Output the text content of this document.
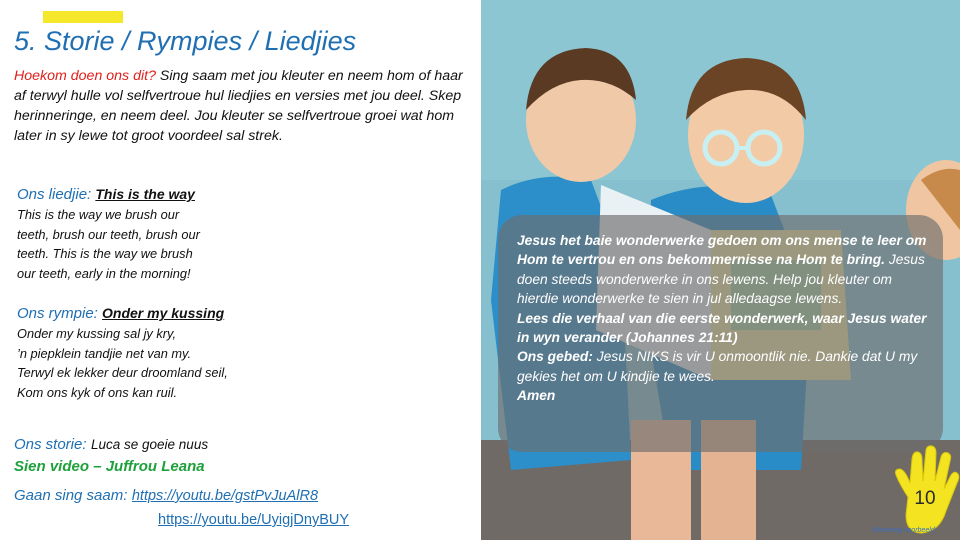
5. Storie / Rympies / Liedjies
Hoekom doen ons dit? Sing saam met jou kleuter en neem hom of haar af terwyl hulle vol selfvertroue hul liedjies en versies met jou deel. Skep herinneringe, en neem deel. Jou kleuter se selfvertroue groei wat hom later in sy lewe tot groot voordeel sal strek.
Ons liedjie: This is the way
This is the way we brush our
teeth, brush our teeth, brush our
teeth. This is the way we brush
our teeth, early in the morning!
Ons rympie: Onder my kussing
Onder my kussing sal jy kry,
’n piepklein tandjie net van my.
Terwyl ek lekker deur droomland seil,
Kom ons kyk of ons kan ruil.
Ons storie: Luca se goeie nuus
Sien video – Juffrou Leana
Gaan sing saam: https://youtu.be/gstPvJuAlR8
https://youtu.be/UyigjDnyBUY
Jesus het baie wonderwerke gedoen om ons mense te leer om Hom te vertrou en ons bekommernisse na Hom te bring. Jesus doen steeds wonderwerke in ons lewens. Help jou kleuter om hierdie wonderwerke te sien in jul alledaagse lewens.
Lees die verhaal van die eerste wonderwerk, waar Jesus water in wyn verander (Johannes 21:11)
Ons gebed: Jesus NIKS is vir U onmoontlik nie. Dankie dat U my gekies het om U kindjie te wees.
Amen
10
Kleuterog voorbeeld
